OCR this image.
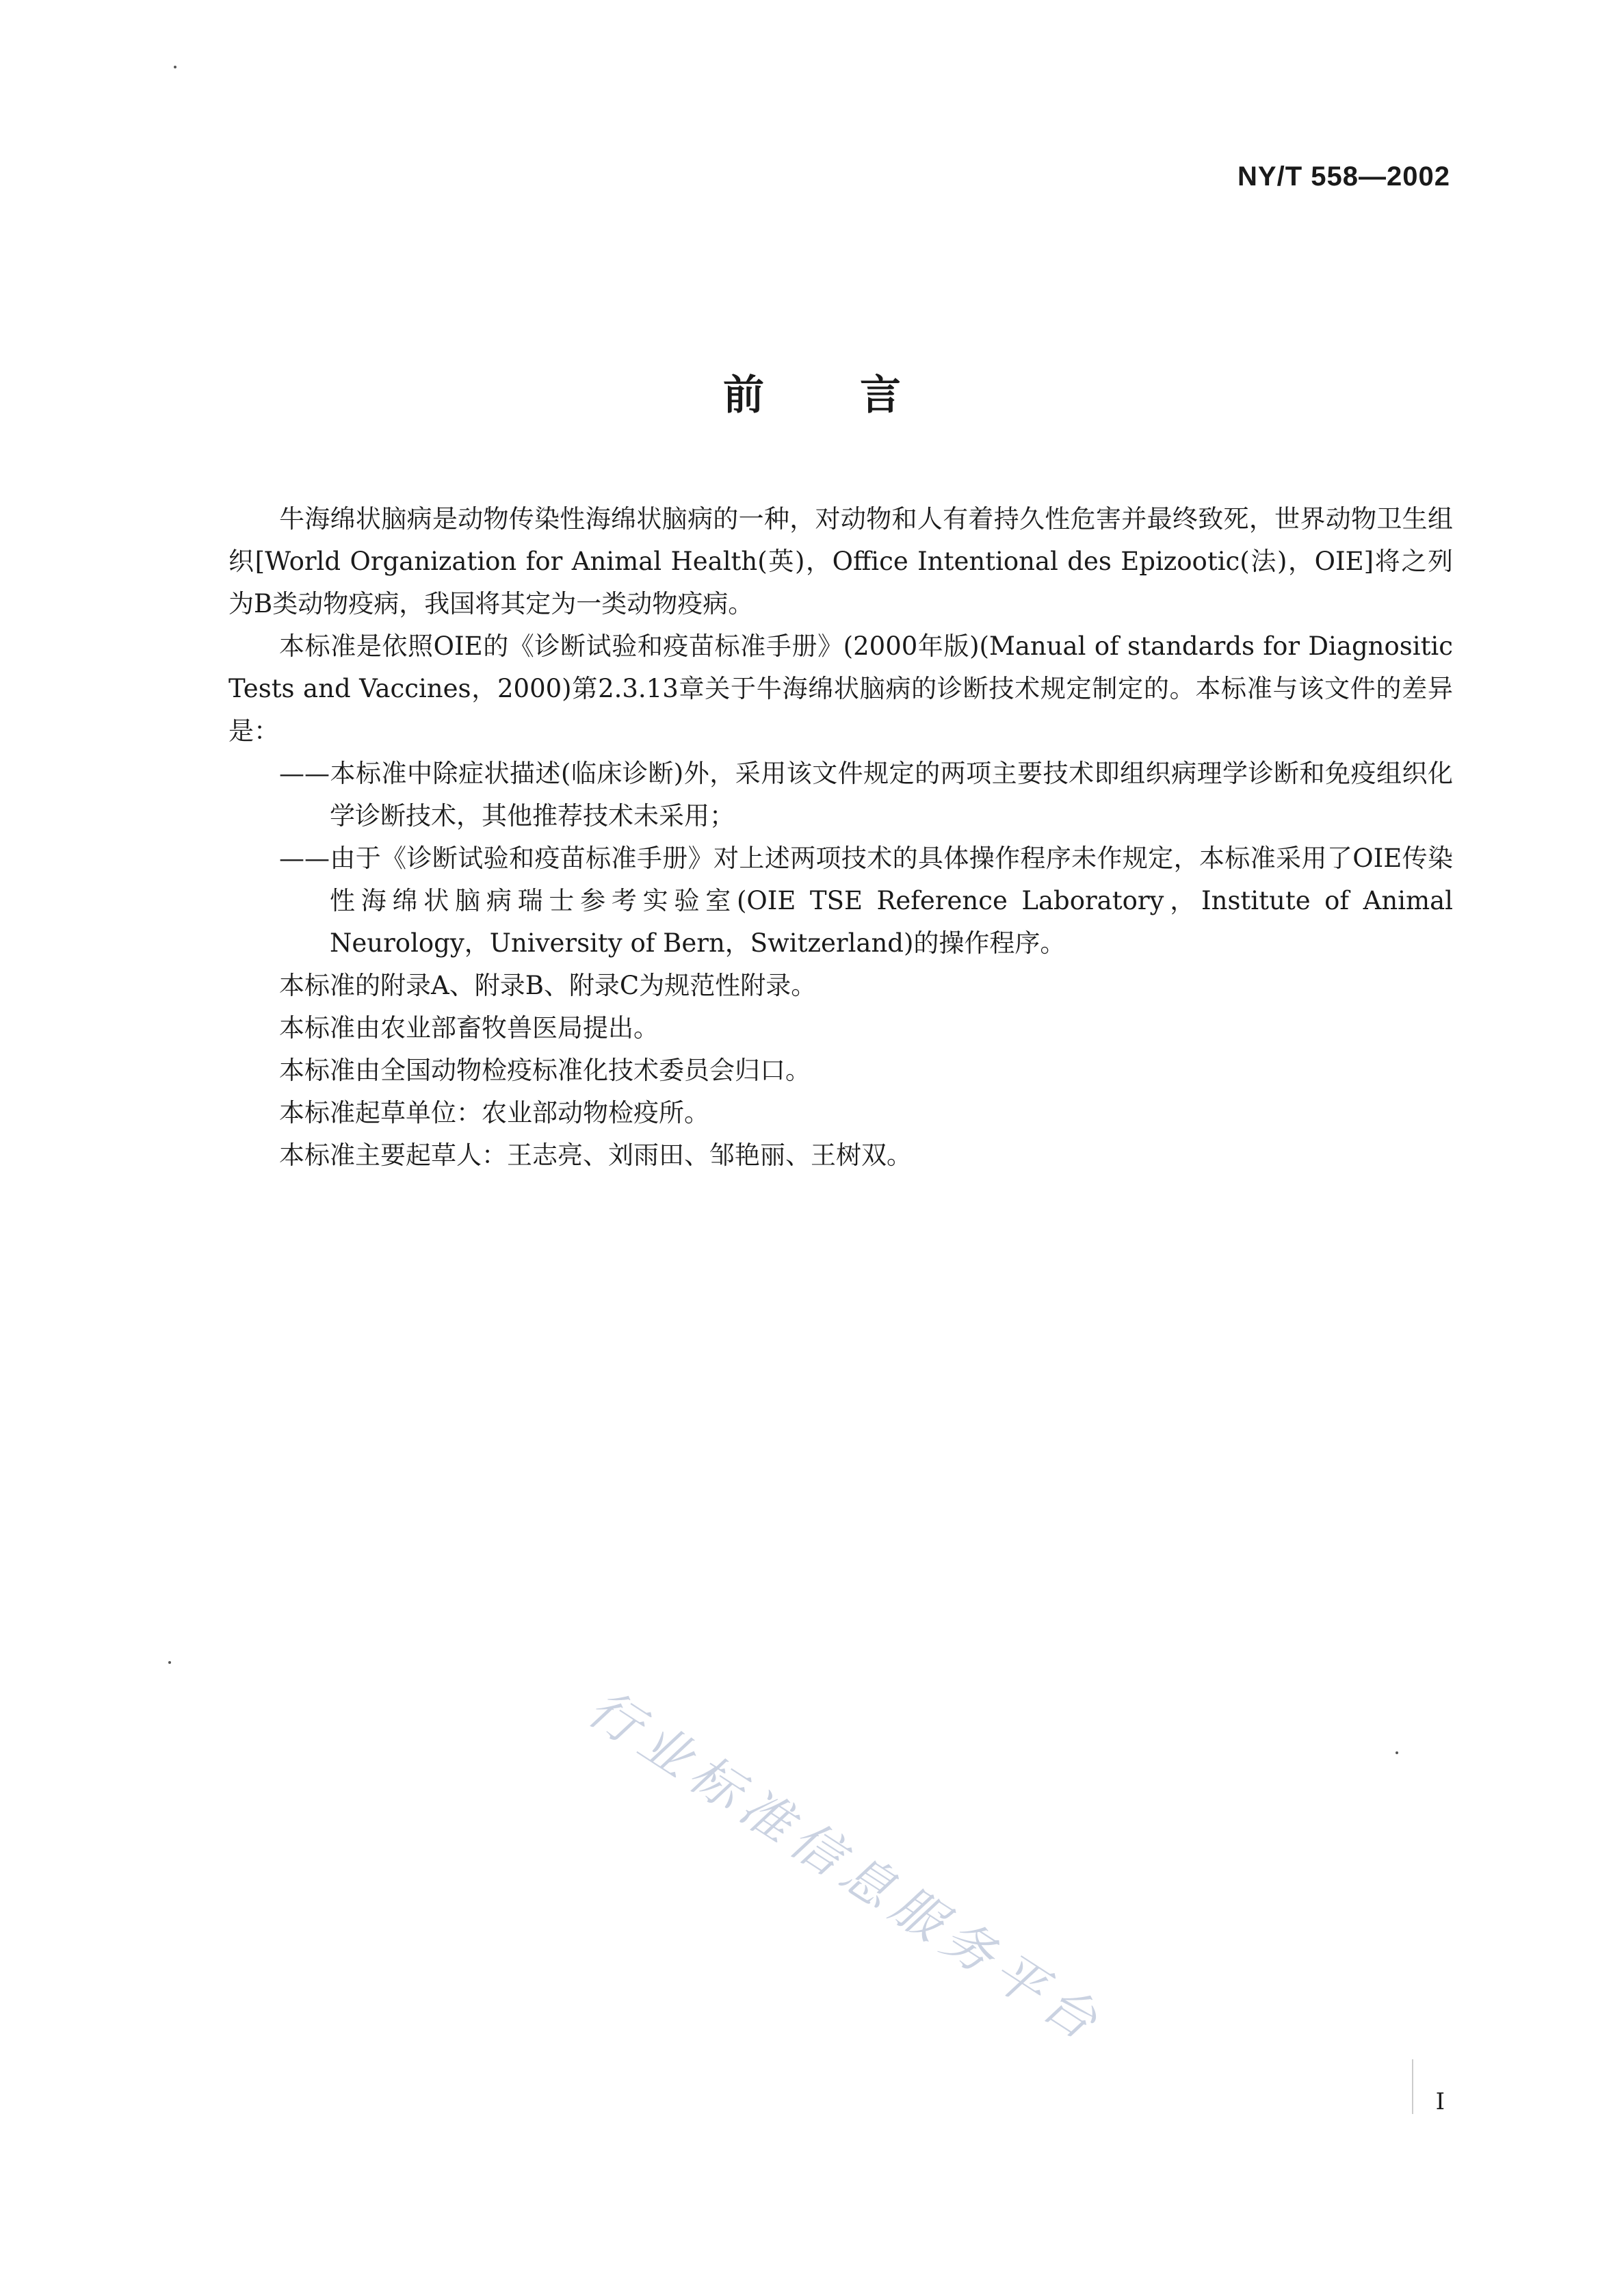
NY/T 558—2002
前言

牛海绵状脑病是动物传染性海绵状脑病的一种，对动物和人有着持久性危害并最终致死，世界动物卫生组织[World Organization for Animal Health(英)，Office Intentional des Epizootic(法)，OIE]将之列为B类动物疫病，我国将其定为一类动物疫病。

本标准是依照OIE的《诊断试验和疫苗标准手册》(2000年版)(Manual of standards for Diagnositic Tests and Vaccines，2000)第2.3.13章关于牛海绵状脑病的诊断技术规定制定的。本标准与该文件的差异是：

——本标准中除症状描述(临床诊断)外，采用该文件规定的两项主要技术即组织病理学诊断和免疫组织化学诊断技术，其他推荐技术未采用；

——由于《诊断试验和疫苗标准手册》对上述两项技术的具体操作程序未作规定，本标准采用了OIE传染性海绵状脑病瑞士参考实验室(OIE TSE Reference Laboratory，Institute of Animal Neurology，University of Bern，Switzerland)的操作程序。

本标准的附录A、附录B、附录C为规范性附录。

本标准由农业部畜牧兽医局提出。

本标准由全国动物检疫标准化技术委员会归口。

本标准起草单位：农业部动物检疫所。

本标准主要起草人：王志亮、刘雨田、邹艳丽、王树双。

行业标准信息服务平台
I
